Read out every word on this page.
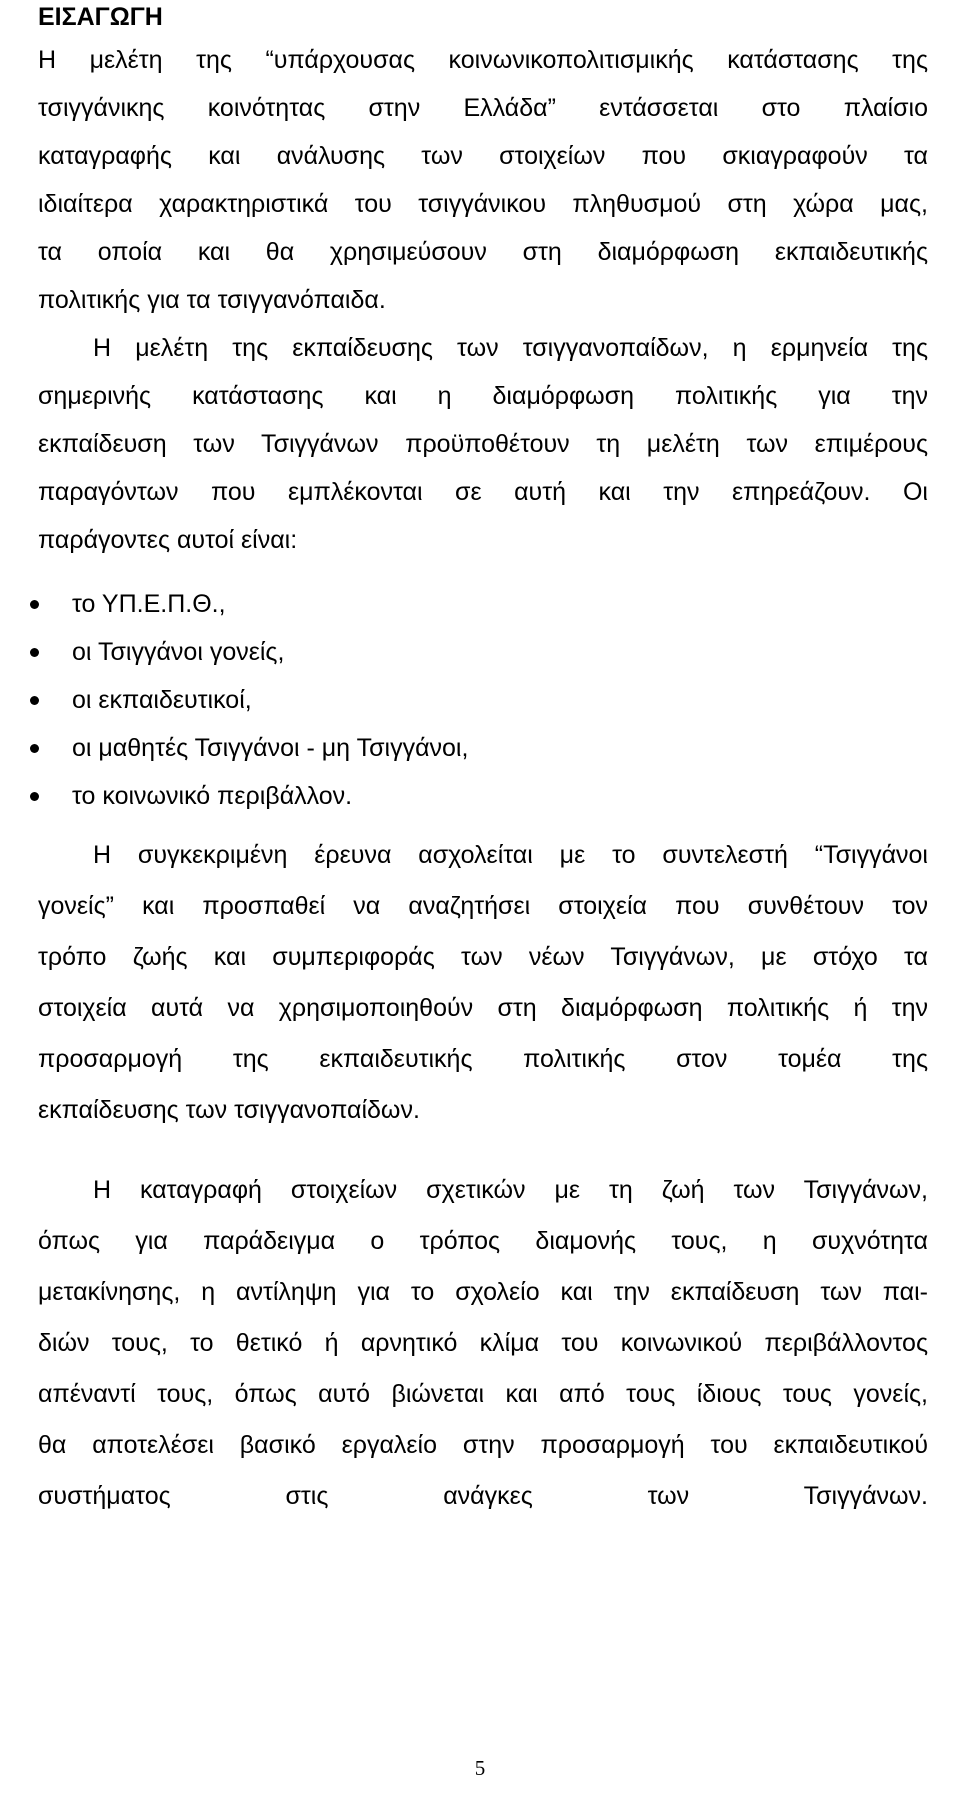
ΕΙΣΑΓΩΓΗ

Η μελέτη της “υπάρχουσας κοινωνικοπολιτισμικής κατάστασης της

τσιγγάνικης κοινότητας στην Ελλάδα” εντάσσεται στο πλαίσιο

καταγραφής και ανάλυσης των στοιχείων που σκιαγραφούν τα

ιδιαίτερα χαρακτηριστικά του τσιγγάνικου πληθυσμού στη χώρα μας,

τα οποία και θα χρησιμεύσουν στη διαμόρφωση εκπαιδευτικής

πολιτικής για τα τσιγγανόπαιδα.

Η μελέτη της εκπαίδευσης των τσιγγανοπαίδων, η ερμηνεία της

σημερινής κατάστασης και η διαμόρφωση πολιτικής για την

εκπαίδευση των Τσιγγάνων προϋποθέτουν τη μελέτη των επιμέρους

παραγόντων που εμπλέκονται σε αυτή και την επηρεάζουν. Οι

παράγοντες αυτοί είναι:

το ΥΠ.Ε.Π.Θ.,

οι Τσιγγάνοι γονείς,

οι εκπαιδευτικοί,

οι μαθητές Τσιγγάνοι - μη Τσιγγάνοι,

το κοινωνικό περιβάλλον.

Η συγκεκριμένη έρευνα ασχολείται με το συντελεστή “Τσιγγάνοι

γονείς” και προσπαθεί να αναζητήσει στοιχεία που συνθέτουν τον

τρόπο ζωής και συμπεριφοράς των νέων Τσιγγάνων, με στόχο τα

στοιχεία αυτά να χρησιμοποιηθούν στη διαμόρφωση πολιτικής ή την

προσαρμογή της εκπαιδευτικής πολιτικής στον τομέα της

εκπαίδευσης των τσιγγανοπαίδων.

Η καταγραφή στοιχείων σχετικών με τη ζωή των Τσιγγάνων,

όπως για παράδειγμα ο τρόπος διαμονής τους, η συχνότητα

μετακίνησης, η αντίληψη για το σχολείο και την εκπαίδευση των παι-

διών τους, το θετικό ή αρνητικό κλίμα του κοινωνικού περιβάλλοντος

απέναντί τους, όπως αυτό βιώνεται και από τους ίδιους τους γονείς,

θα αποτελέσει βασικό εργαλείο στην προσαρμογή του εκπαιδευτικού

συστήματος στις ανάγκες των Τσιγγάνων.

5
